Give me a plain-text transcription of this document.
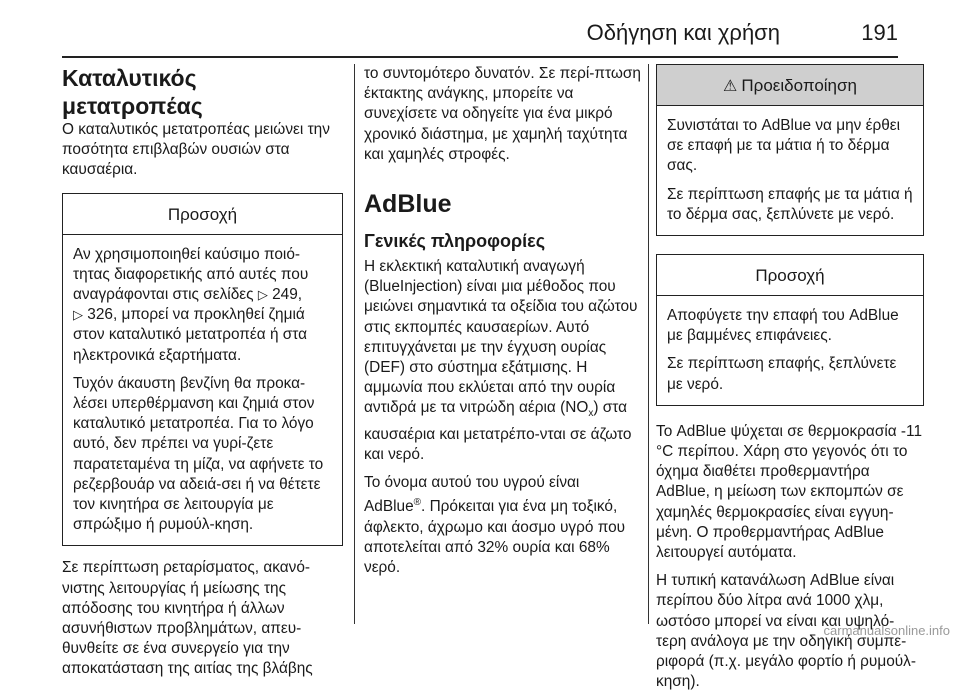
Οδήγηση και χρήση	191
Καταλυτικός μετατροπέας

Ο καταλυτικός μετατροπέας μειώνει την ποσότητα επιβλαβών ουσιών στα καυσαέρια.

Προσοχή

Αν χρησιμοποιηθεί καύσιμο ποιό-τητας διαφορετικής από αυτές που αναγράφονται στις σελίδες ▷ 249, ▷ 326, μπορεί να προκληθεί ζημιά στον καταλυτικό μετατροπέα ή στα ηλεκτρονικά εξαρτήματα.

Τυχόν άκαυστη βενζίνη θα προκα-λέσει υπερθέρμανση και ζημιά στον καταλυτικό μετατροπέα. Για το λόγο αυτό, δεν πρέπει να γυρί-ζετε παρατεταμένα τη μίζα, να αφήνετε το ρεζερβουάρ να αδειά-σει ή να θέτετε τον κινητήρα σε λειτουργία με σπρώξιμο ή ρυμούλ-κηση.

Σε περίπτωση ρεταρίσματος, ακανό-νιστης λειτουργίας ή μείωσης της απόδοσης του κινητήρα ή άλλων ασυνήθιστων προβλημάτων, απευ-θυνθείτε σε ένα συνεργείο για την αποκατάσταση της αιτίας της βλάβης

το συντομότερο δυνατόν. Σε περί-πτωση έκτακτης ανάγκης, μπορείτε να συνεχίσετε να οδηγείτε για ένα μικρό χρονικό διάστημα, με χαμηλή ταχύτητα και χαμηλές στροφές.

AdBlue
Γενικές πληροφορίες

Η εκλεκτική καταλυτική αναγωγή (BlueInjection) είναι μια μέθοδος που μειώνει σημαντικά τα οξείδια του αζώτου στις εκπομπές καυσαερίων. Αυτό επιτυγχάνεται με την έγχυση ουρίας (DEF) στο σύστημα εξάτμισης. Η αμμωνία που εκλύεται από την ουρία αντιδρά με τα νιτρώδη αέρια $(NO_x)$ στα καυσαέρια και μετατρέπο-νται σε άζωτο και νερό.

Το όνομα αυτού του υγρού είναι AdBlue®. Πρόκειται για ένα μη τοξικό, άφλεκτο, άχρωμο και άοσμο υγρό που αποτελείται από 32% ουρία και 68% νερό.

⚠ Προειδοποίηση

Συνιστάται το AdBlue να μην έρθει σε επαφή με τα μάτια ή το δέρμα σας.

Σε περίπτωση επαφής με τα μάτια ή το δέρμα σας, ξεπλύνετε με νερό.

Προσοχή

Αποφύγετε την επαφή του AdBlue με βαμμένες επιφάνειες.

Σε περίπτωση επαφής, ξεπλύνετε με νερό.

Το AdBlue ψύχεται σε θερμοκρασία -11 °C περίπου. Χάρη στο γεγονός ότι το όχημα διαθέτει προθερμαντήρα AdBlue, η μείωση των εκπομπών σε χαμηλές θερμοκρασίες είναι εγγυη-μένη. Ο προθερμαντήρας AdBlue λειτουργεί αυτόματα.

Η τυπική κατανάλωση AdBlue είναι περίπου δύο λίτρα ανά 1000 χλμ, ωστόσο μπορεί να είναι και υψηλό-τερη ανάλογα με την οδηγική συμπε-ριφορά (π.χ. μεγάλο φορτίο ή ρυμούλ-κηση).

carmanualsonline.info
